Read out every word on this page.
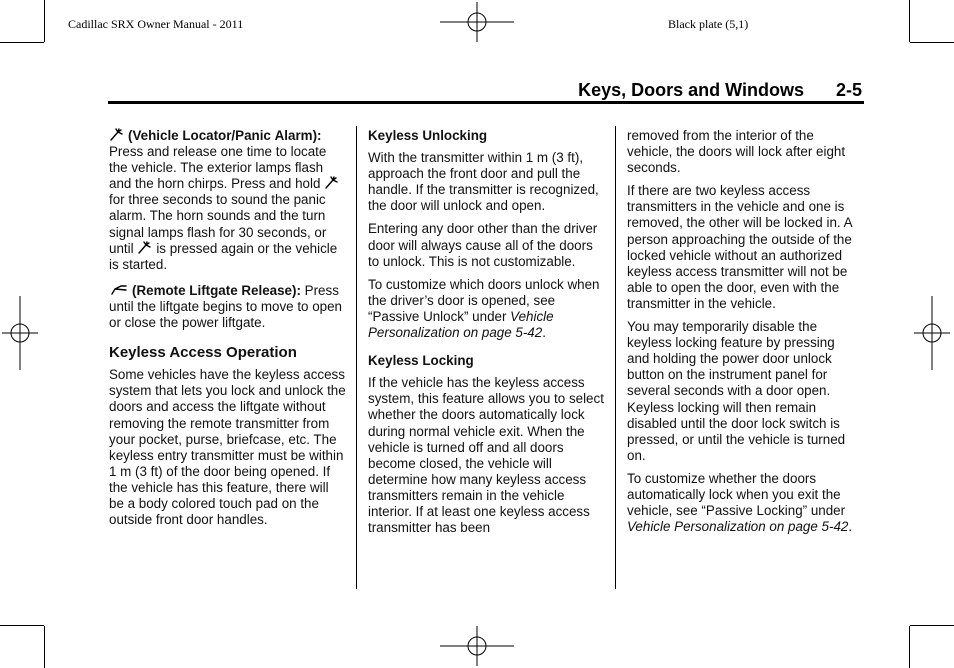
Cadillac SRX Owner Manual - 2011	Black plate (5,1)
Keys, Doors and Windows 2-5

(Vehicle Locator/Panic Alarm): Press and release one time to locate the vehicle. The exterior lamps flash and the horn chirps. Press and hold for three seconds to sound the panic alarm. The horn sounds and the turn signal lamps flash for 30 seconds, or until is pressed again or the vehicle is started.

(Remote Liftgate Release): Press until the liftgate begins to move to open or close the power liftgate.

Keyless Access Operation

Some vehicles have the keyless access system that lets you lock and unlock the doors and access the liftgate without removing the remote transmitter from your pocket, purse, briefcase, etc. The keyless entry transmitter must be within 1 m (3 ft) of the door being opened. If the vehicle has this feature, there will be a body colored touch pad on the outside front door handles.

Keyless Unlocking

With the transmitter within 1 m (3 ft), approach the front door and pull the handle. If the transmitter is recognized, the door will unlock and open.

Entering any door other than the driver door will always cause all of the doors to unlock. This is not customizable.

To customize which doors unlock when the driver’s door is opened, see “Passive Unlock” under Vehicle Personalization on page 5-42.

Keyless Locking

If the vehicle has the keyless access system, this feature allows you to select whether the doors automatically lock during normal vehicle exit. When the vehicle is turned off and all doors become closed, the vehicle will determine how many keyless access transmitters remain in the vehicle interior. If at least one keyless access transmitter has been

removed from the interior of the vehicle, the doors will lock after eight seconds.

If there are two keyless access transmitters in the vehicle and one is removed, the other will be locked in. A person approaching the outside of the locked vehicle without an authorized keyless access transmitter will not be able to open the door, even with the transmitter in the vehicle.

You may temporarily disable the keyless locking feature by pressing and holding the power door unlock button on the instrument panel for several seconds with a door open. Keyless locking will then remain disabled until the door lock switch is pressed, or until the vehicle is turned on.

To customize whether the doors automatically lock when you exit the vehicle, see “Passive Locking” under Vehicle Personalization on page 5-42.
